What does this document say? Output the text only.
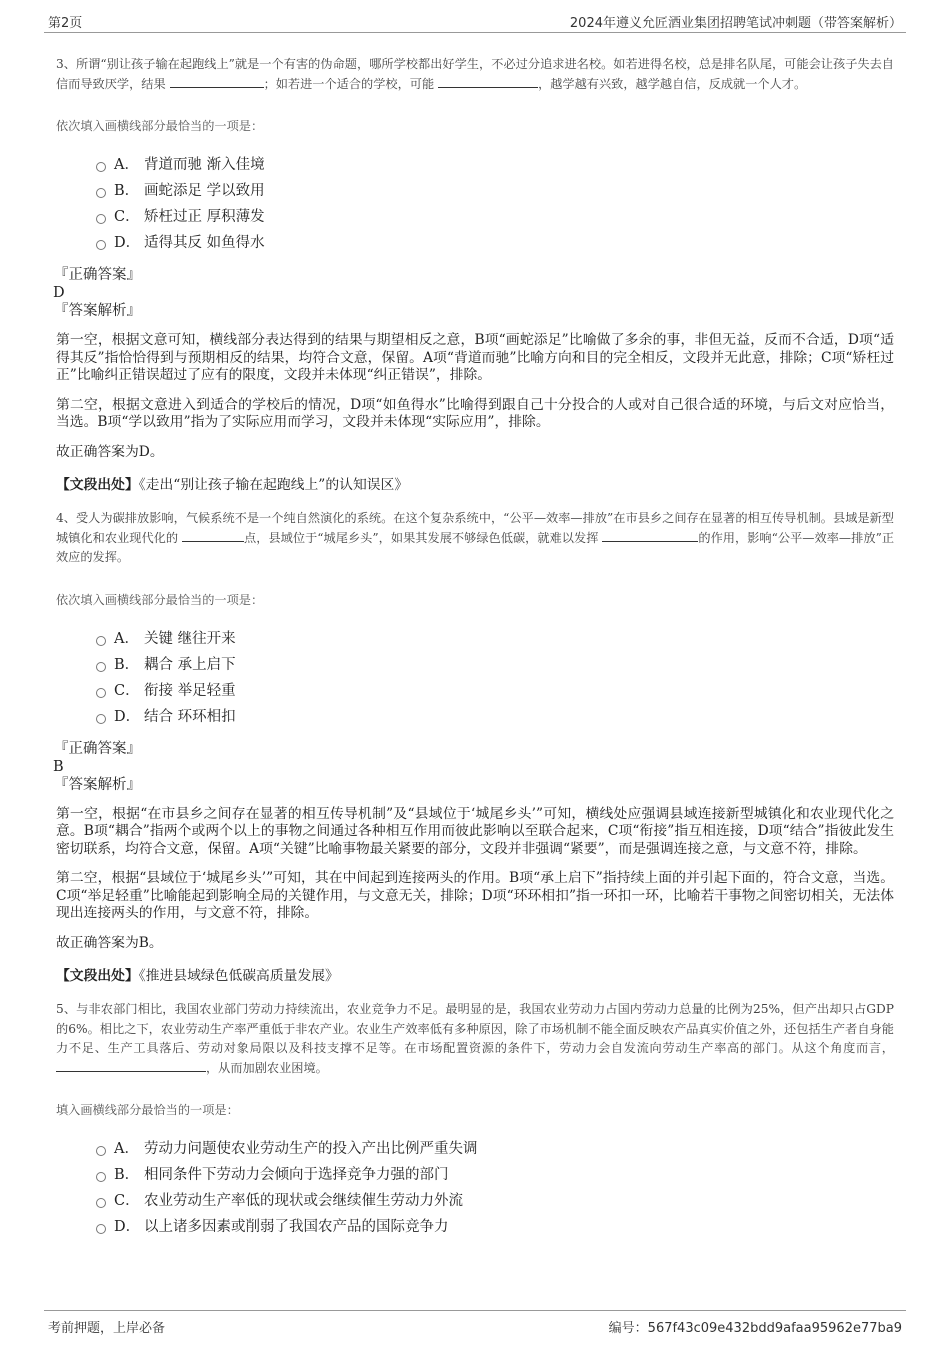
第2页	2024年遵义允匠酒业集团招聘笔试冲刺题（带答案解析）

3、所谓“别让孩子输在起跑线上”就是一个有害的伪命题，哪所学校都出好学生，不必过分追求进名校。如若进得名校，总是排名队尾，可能会让孩子失去自信而导致厌学，结果	；如若进一个适合的学校，可能	，越学越有兴致，越学越自信，反成就一个人才。

依次填入画横线部分最恰当的一项是：

A． 背道而驰 渐入佳境
B． 画蛇添足 学以致用
C． 矫枉过正 厚积薄发
D． 适得其反 如鱼得水
『正确答案』
D
『答案解析』

第一空，根据文意可知，横线部分表达得到的结果与期望相反之意，B项“画蛇添足”比喻做了多余的事，非但无益，反而不合适，D项“适得其反”指恰恰得到与预期相反的结果，均符合文意，保留。A项“背道而驰”比喻方向和目的完全相反，文段并无此意，排除；C项“矫枉过正”比喻纠正错误超过了应有的限度，文段并未体现“纠正错误”，排除。

第二空，根据文意进入到适合的学校后的情况，D项“如鱼得水”比喻得到跟自己十分投合的人或对自己很合适的环境，与后文对应恰当，当选。B项“学以致用”指为了实际应用而学习，文段并未体现“实际应用”，排除。

故正确答案为D。

【文段出处】《走出“别让孩子输在起跑线上”的认知误区》

4、受人为碳排放影响，气候系统不是一个纯自然演化的系统。在这个复杂系统中，“公平—效率—排放”在市县乡之间存在显著的相互传导机制。县域是新型城镇化和农业现代化的	点，县域位于“城尾乡头”，如果其发展不够绿色低碳，就难以发挥	的作用，影响“公平—效率—排放”正效应的发挥。

依次填入画横线部分最恰当的一项是：

A． 关键 继往开来
B． 耦合 承上启下
C． 衔接 举足轻重
D． 结合 环环相扣
『正确答案』
B
『答案解析』

第一空，根据“在市县乡之间存在显著的相互传导机制”及“县域位于‘城尾乡头’”可知，横线处应强调县域连接新型城镇化和农业现代化之意。B项“耦合”指两个或两个以上的事物之间通过各种相互作用而彼此影响以至联合起来，C项“衔接”指互相连接，D项“结合”指彼此发生密切联系，均符合文意，保留。A项“关键”比喻事物最关紧要的部分，文段并非强调“紧要”，而是强调连接之意，与文意不符，排除。

第二空，根据“县域位于‘城尾乡头’”可知，其在中间起到连接两头的作用。B项“承上启下”指持续上面的并引起下面的，符合文意，当选。C项“举足轻重”比喻能起到影响全局的关键作用，与文意无关，排除；D项“环环相扣”指一环扣一环，比喻若干事物之间密切相关，无法体现出连接两头的作用，与文意不符，排除。

故正确答案为B。

【文段出处】《推进县域绿色低碳高质量发展》

5、与非农部门相比，我国农业部门劳动力持续流出，农业竞争力不足。最明显的是，我国农业劳动力占国内劳动力总量的比例为25%，但产出却只占GDP的6%。相比之下，农业劳动生产率严重低于非农产业。农业生产效率低有多种原因，除了市场机制不能全面反映农产品真实价值之外，还包括生产者自身能力不足、生产工具落后、劳动对象局限以及科技支撑不足等。在市场配置资源的条件下，劳动力会自发流向劳动生产率高的部门。从这个角度而言， ，从而加剧农业困境。

填入画横线部分最恰当的一项是：

A． 劳动力问题使农业劳动生产的投入产出比例严重失调
B． 相同条件下劳动力会倾向于选择竞争力强的部门
C． 农业劳动生产率低的现状或会继续催生劳动力外流
D． 以上诸多因素或削弱了我国农产品的国际竞争力
考前押题，上岸必备	编号：567f43c09e432bdd9afaa95962e77ba9
